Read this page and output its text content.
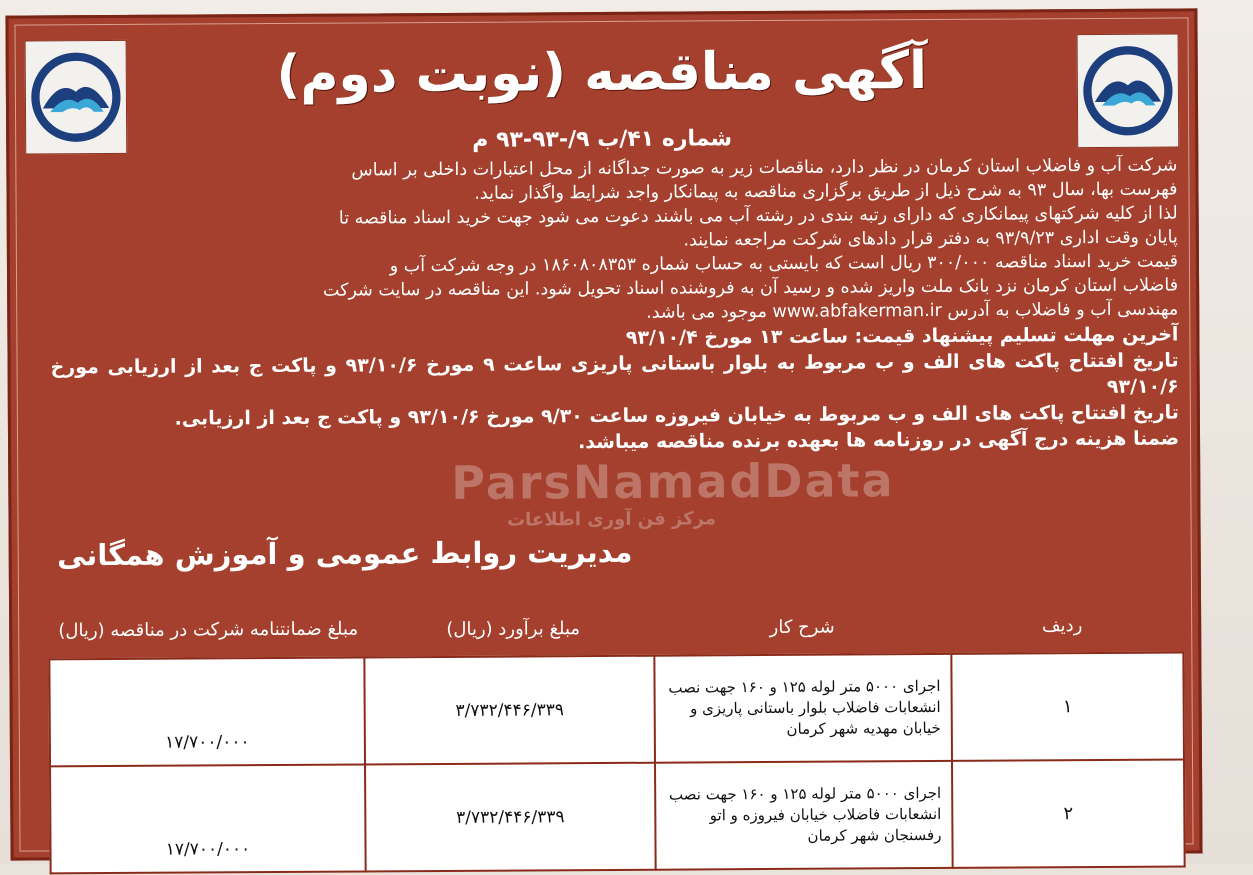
آگهی مناقصه (نوبت دوم)
شماره ۴۱/ب ۹/-۹۳-۹۳ م

شرکت آب و فاضلاب استان کرمان در نظر دارد، مناقصات زیر به صورت جداگانه از محل اعتبارات داخلی بر اساس

فهرست بها، سال ۹۳ به شرح ذیل از طریق برگزاری مناقصه به پیمانکار واجد شرایط واگذار نماید.

لذا از کلیه شرکتهای پیمانکاری که دارای رتبه بندی در رشته آب می باشند دعوت می شود جهت خرید اسناد مناقصه تا

پایان وقت اداری ۹۳/۹/۲۳ به دفتر قرار دادهای شرکت مراجعه نمایند.

قیمت خرید اسناد مناقصه ۳۰۰/۰۰۰ ریال است که بایستی به حساب شماره ۱۸۶۰۸۰۸۳۵۳ در وجه شرکت آب و

فاضلاب استان کرمان نزد بانک ملت واریز شده و رسید آن به فروشنده اسناد تحویل شود. این مناقصه در سایت شرکت

مهندسی آب و فاضلاب به آدرس www.abfakerman.ir موجود می باشد.

آخرین مهلت تسلیم پیشنهاد قیمت: ساعت ۱۳ مورخ ۹۳/۱۰/۴

تاریخ افتتاح پاکت های الف و ب مربوط به بلوار باستانی پاریزی ساعت ۹ مورخ ۹۳/۱۰/۶ و پاکت ج بعد از ارزیابی مورخ ۹۳/۱۰/۶

تاریخ افتتاح پاکت های الف و ب مربوط به خیابان فیروزه ساعت ۹/۳۰ مورخ ۹۳/۱۰/۶ و پاکت ج بعد از ارزیابی.

ضمنا هزینه درج آگهی در روزنامه ها بعهده برنده مناقصه میباشد.

ParsNamadData
مرکز فن آوری اطلاعات
مدیریت روابط عمومی و آموزش همگانی
ردیف
شرح کار
مبلغ برآورد (ریال)
مبلغ ضمانتنامه شرکت در مناقصه (ریال)
۱	اجرای ۵۰۰۰ متر لوله ۱۲۵ و ۱۶۰ جهت نصب انشعابات فاضلاب بلوار باستانی پاریزی و خیابان مهدیه شهر کرمان	۳/۷۳۲/۴۴۶/۳۳۹	۱۷/۷۰۰/۰۰۰
۲	اجرای ۵۰۰۰ متر لوله ۱۲۵ و ۱۶۰ جهت نصب انشعابات فاضلاب خیابان فیروزه و اتو رفسنجان شهر کرمان	۳/۷۳۲/۴۴۶/۳۳۹	۱۷/۷۰۰/۰۰۰
